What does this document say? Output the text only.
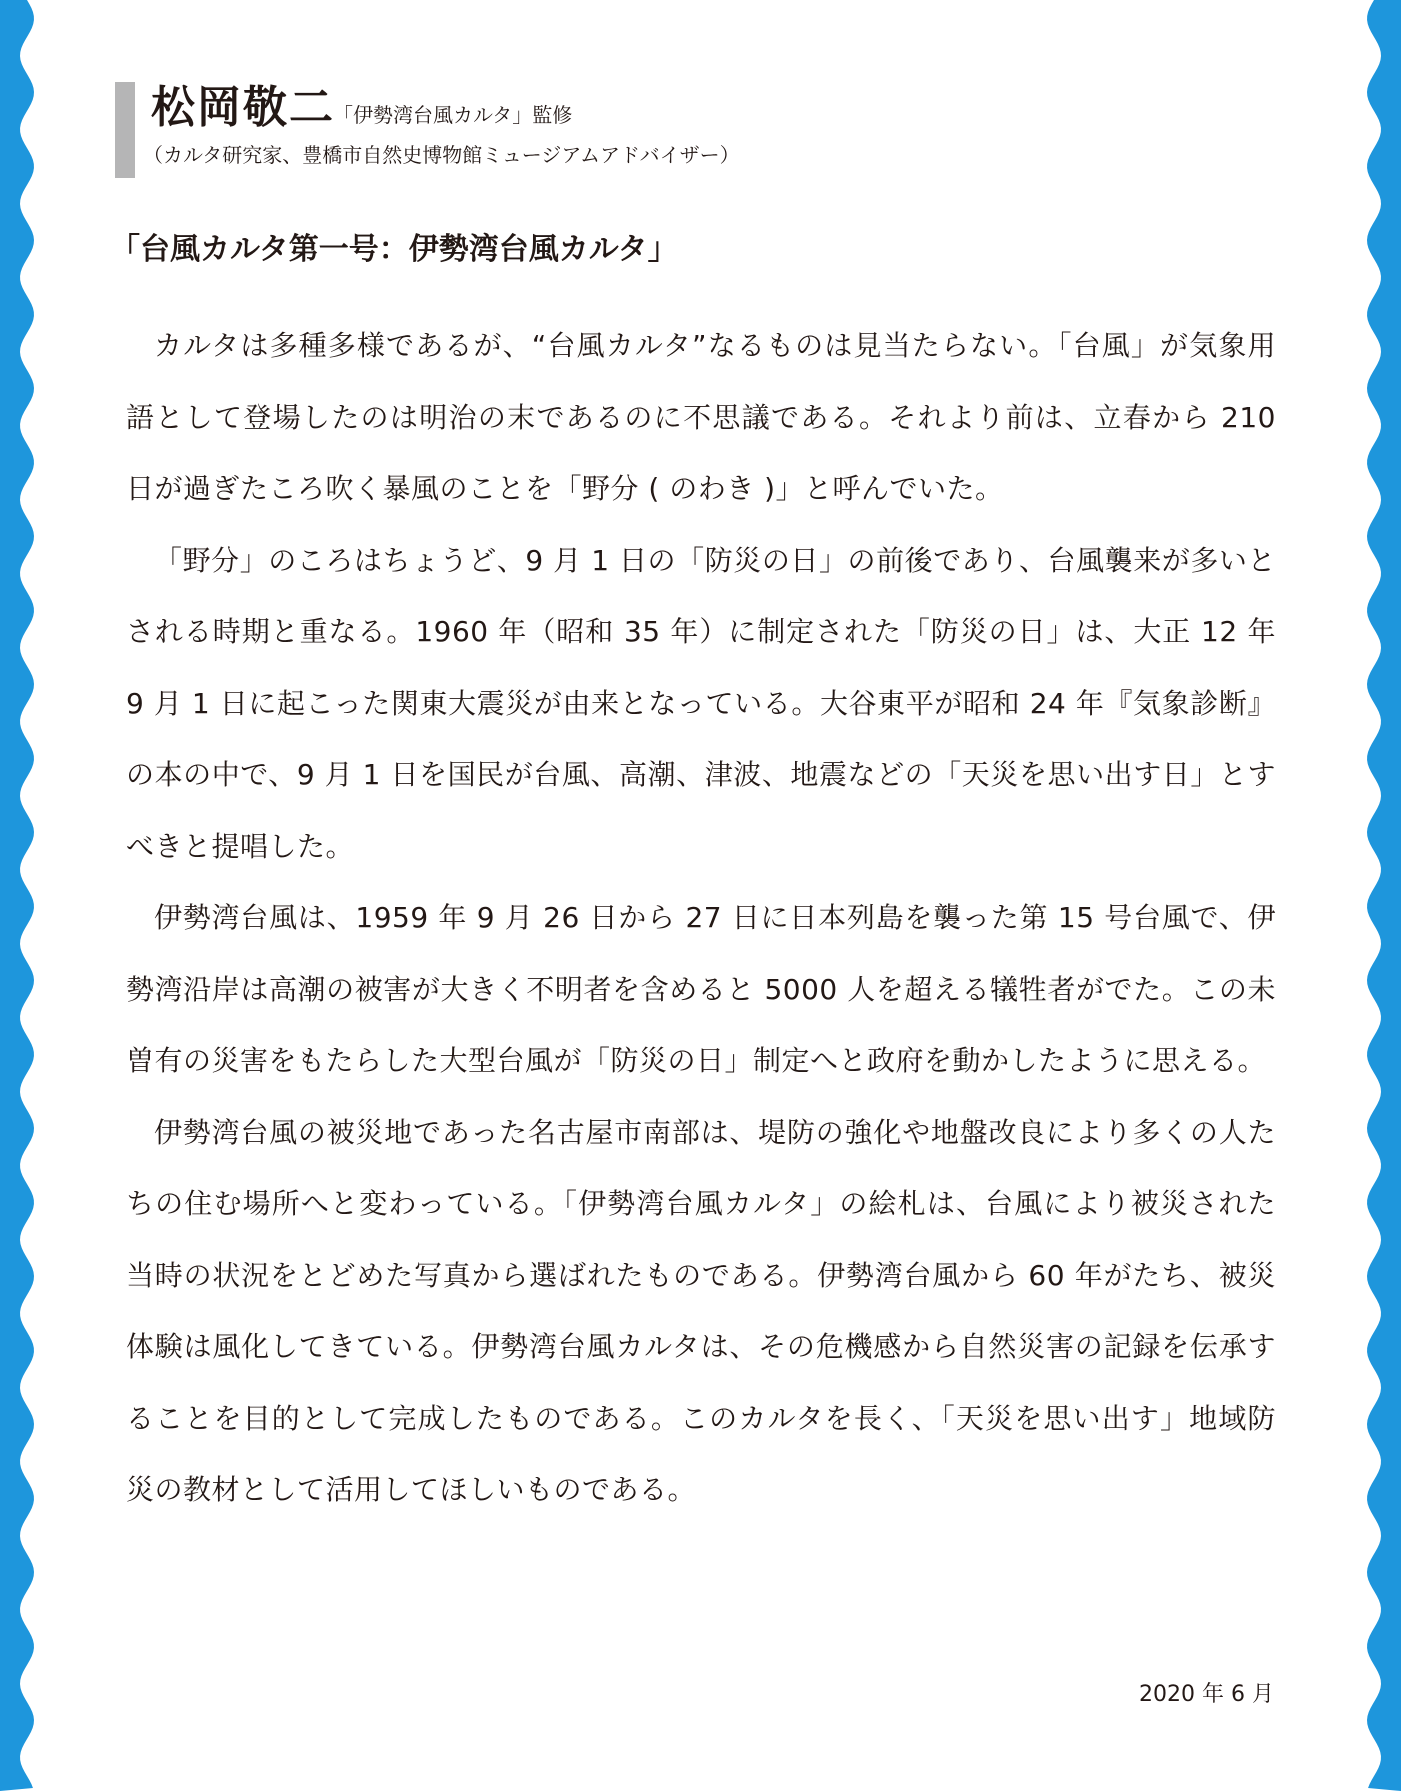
松岡敬二
「伊勢湾台風カルタ」監修
（カルタ研究家、豊橋市自然史博物館ミュージアムアドバイザー）
「台風カルタ第一号：伊勢湾台風カルタ」

カルタは多種多様であるが、“台風カルタ”なるものは見当たらない。「台風」が気象用語として登場したのは明治の末であるのに不思議である。それより前は、立春から 210 日が過ぎたころ吹く暴風のことを「野分 ( のわき )」と呼んでいた。

「野分」のころはちょうど、9 月 1 日の「防災の日」の前後であり、台風襲来が多いとされる時期と重なる。1960 年（昭和 35 年）に制定された「防災の日」は、大正 12 年 9 月 1 日に起こった関東大震災が由来となっている。大谷東平が昭和 24 年『気象診断』の本の中で、9 月 1 日を国民が台風、高潮、津波、地震などの「天災を思い出す日」とすべきと提唱した。

伊勢湾台風は、1959 年 9 月 26 日から 27 日に日本列島を襲った第 15 号台風で、伊勢湾沿岸は高潮の被害が大きく不明者を含めると 5000 人を超える犠牲者がでた。この未曽有の災害をもたらした大型台風が「防災の日」制定へと政府を動かしたように思える。

伊勢湾台風の被災地であった名古屋市南部は、堤防の強化や地盤改良により多くの人たちの住む場所へと変わっている。「伊勢湾台風カルタ」の絵札は、台風により被災された当時の状況をとどめた写真から選ばれたものである。伊勢湾台風から 60 年がたち、被災体験は風化してきている。伊勢湾台風カルタは、その危機感から自然災害の記録を伝承することを目的として完成したものである。このカルタを長く、「天災を思い出す」地域防災の教材として活用してほしいものである。

2020 年 6 月
